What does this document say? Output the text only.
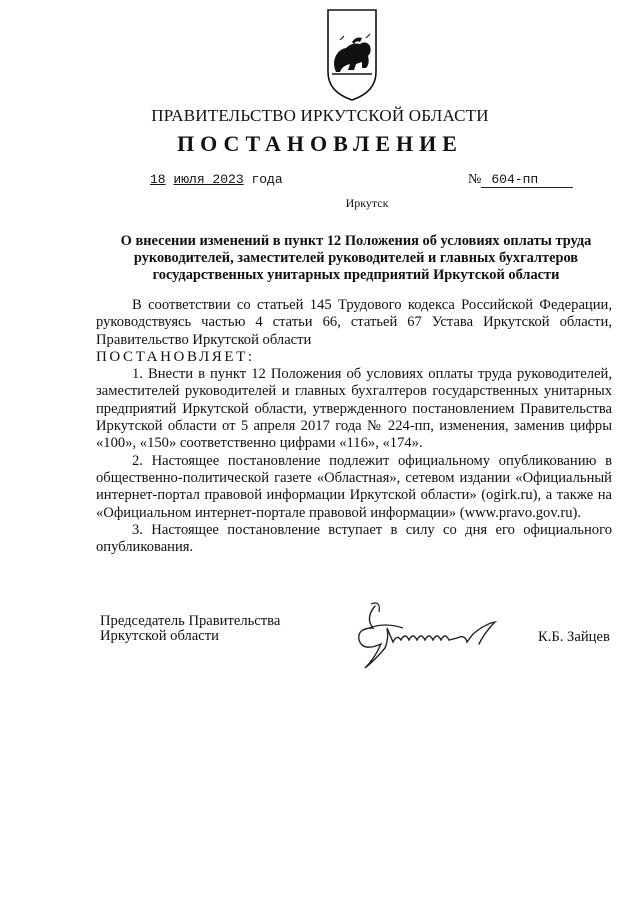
ПРАВИТЕЛЬСТВО ИРКУТСКОЙ ОБЛАСТИ
ПОСТАНОВЛЕНИЕ
18 июля 2023 года	№ 604-пп
Иркутск
О внесении изменений в пункт 12 Положения об условиях оплаты труда руководителей, заместителей руководителей и главных бухгалтеров государственных унитарных предприятий Иркутской области

В соответствии со статьей 145 Трудового кодекса Российской Федерации, руководствуясь частью 4 статьи 66, статьей 67 Устава Иркутской области, Правительство Иркутской области

ПОСТАНОВЛЯЕТ:

1. Внести в пункт 12 Положения об условиях оплаты труда руководителей, заместителей руководителей и главных бухгалтеров государственных унитарных предприятий Иркутской области, утвержденного постановлением Правительства Иркутской области от 5 апреля 2017 года № 224-пп, изменения, заменив цифры «100», «150» соответственно цифрами «116», «174».

2. Настоящее постановление подлежит официальному опубликованию в общественно-политической газете «Областная», сетевом издании «Официальный интернет-портал правовой информации Иркутской области» (ogirk.ru), а также на «Официальном интернет-портале правовой информации» (www.pravo.gov.ru).

3. Настоящее постановление вступает в силу со дня его официального опубликования.

Председатель Правительства
Иркутской области	К.Б. Зайцев
